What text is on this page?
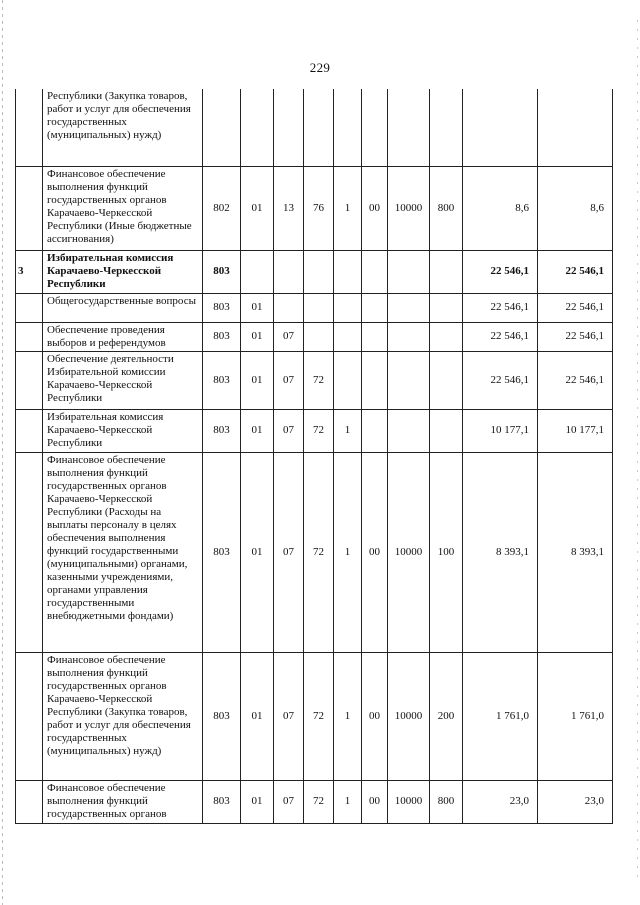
229
	Республики (Закупка товаров, работ и услуг для обеспечения государственных (муниципальных) нужд)										
	Финансовое обеспечение выполнения функций государственных органов Карачаево-Черкесской Республики (Иные бюджетные ассигнования)	802	01	13	76	1	00	10000	800	8,6	8,6
3	Избирательная комиссия Карачаево-Черкесской Республики	803								22 546,1	22 546,1
	Общегосударственные вопросы	803	01							22 546,1	22 546,1
	Обеспечение проведения выборов и референдумов	803	01	07						22 546,1	22 546,1
	Обеспечение деятельности Избирательной комиссии Карачаево-Черкесской Республики	803	01	07	72					22 546,1	22 546,1
	Избирательная комиссия Карачаево-Черкесской Республики	803	01	07	72	1				10 177,1	10 177,1
	Финансовое обеспечение выполнения функций государственных органов Карачаево-Черкесской Республики (Расходы на выплаты персоналу в целях обеспечения выполнения функций государственными (муниципальными) органами, казенными учреждениями, органами управления государственными внебюджетными фондами)	803	01	07	72	1	00	10000	100	8 393,1	8 393,1
	Финансовое обеспечение выполнения функций государственных органов Карачаево-Черкесской Республики (Закупка товаров, работ и услуг для обеспечения государственных (муниципальных) нужд)	803	01	07	72	1	00	10000	200	1 761,0	1 761,0
	Финансовое обеспечение выполнения функций государственных органов	803	01	07	72	1	00	10000	800	23,0	23,0
